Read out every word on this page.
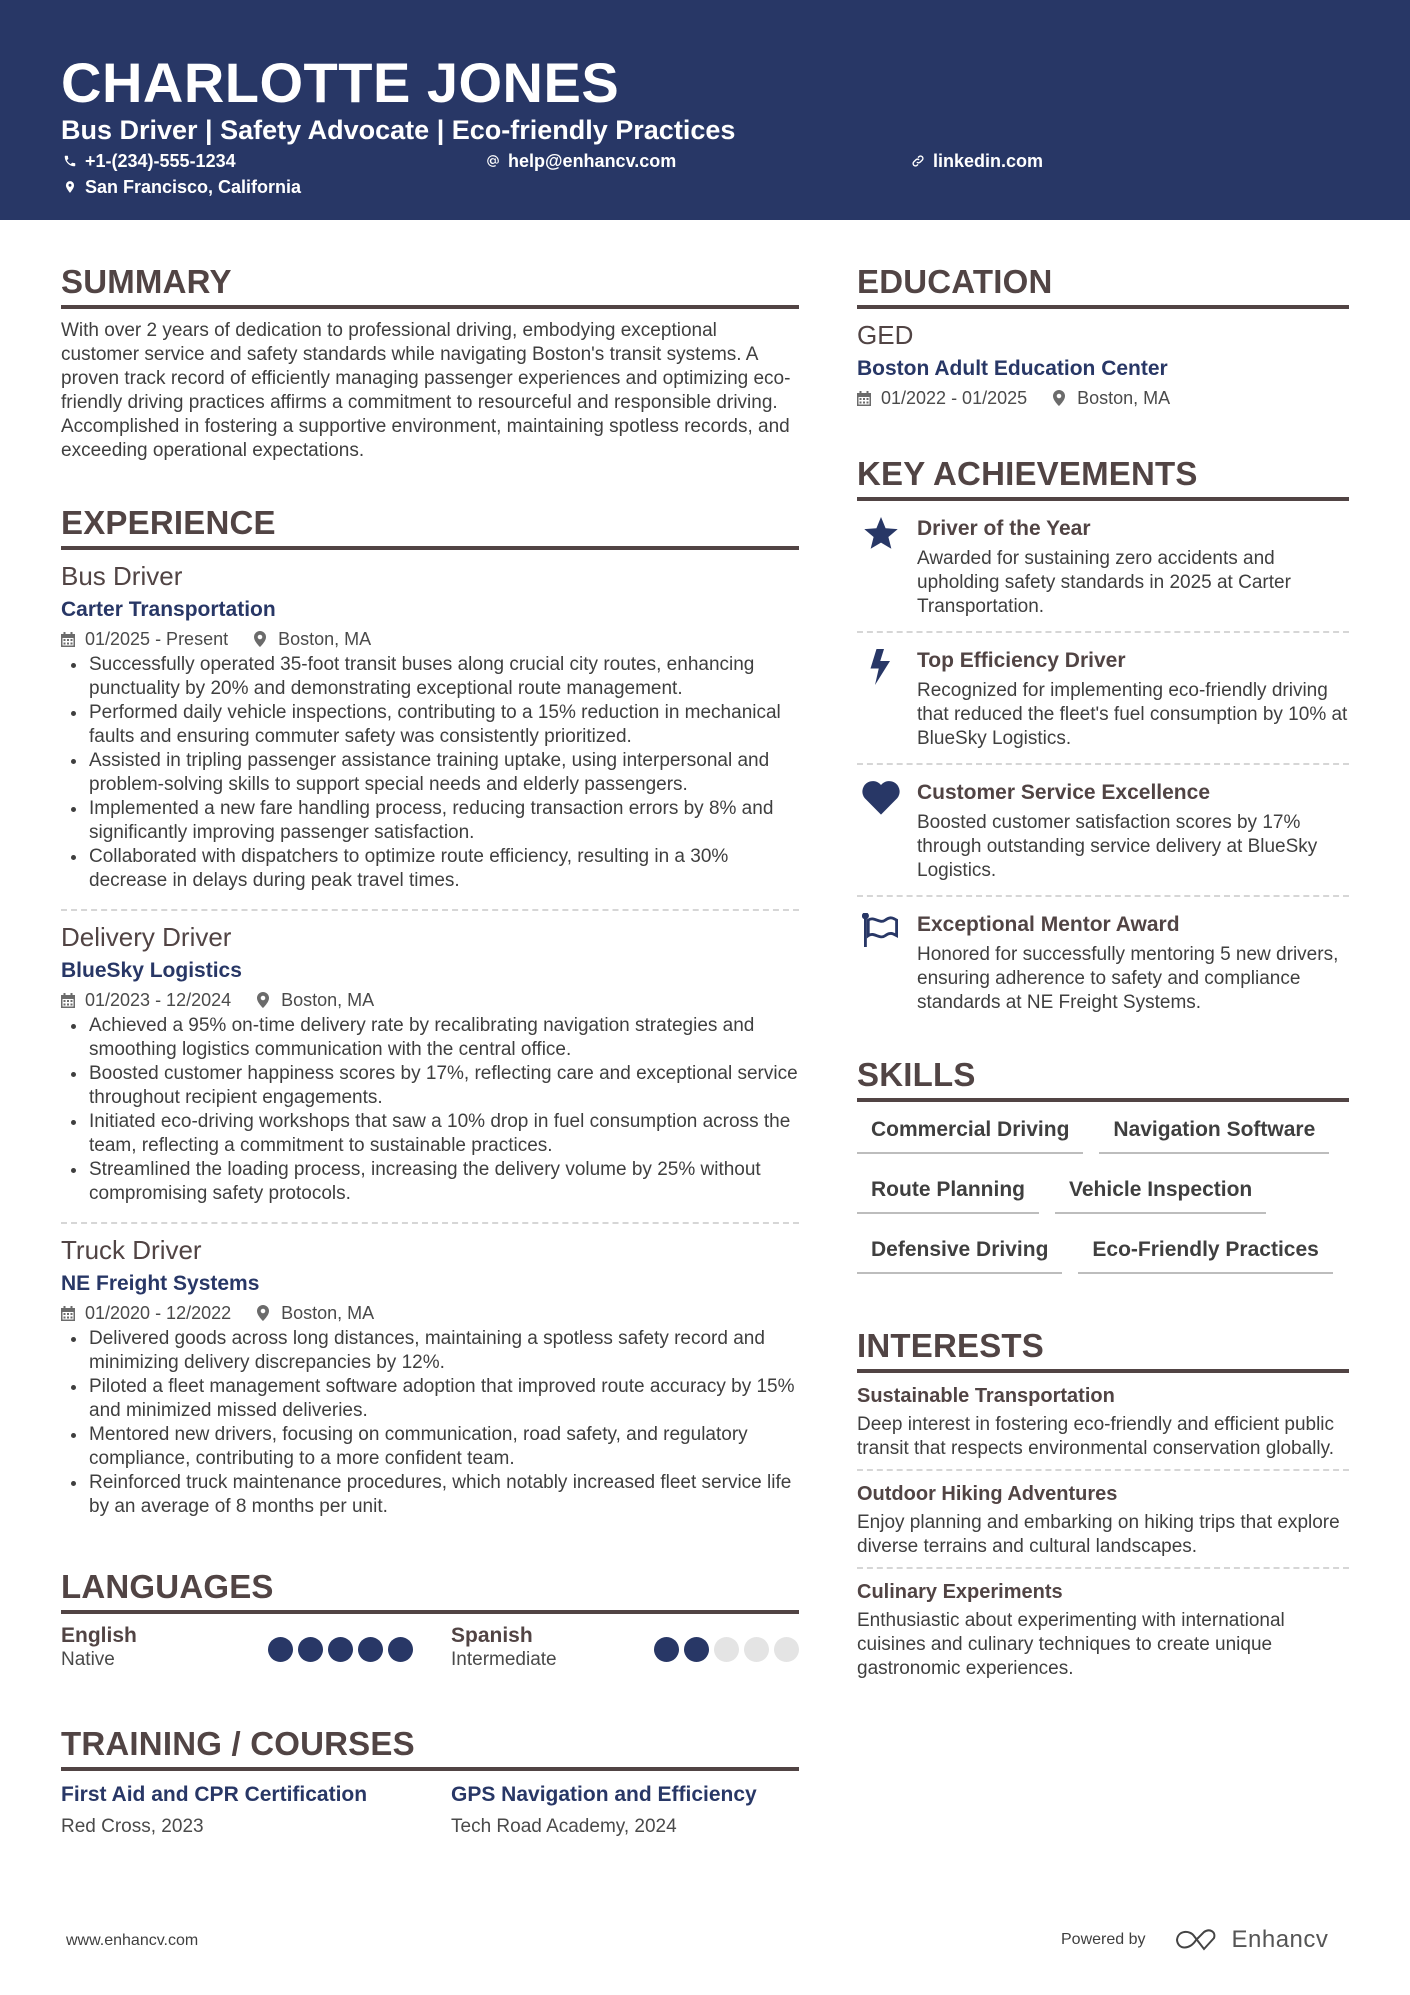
CHARLOTTE JONES
Bus Driver | Safety Advocate | Eco-friendly Practices
+1-(234)-555-1234	help@enhancv.com	linkedin.com
San Francisco, California
SUMMARY

With over 2 years of dedication to professional driving, embodying exceptional customer service and safety standards while navigating Boston's transit systems. A proven track record of efficiently managing passenger experiences and optimizing eco-friendly driving practices affirms a commitment to resourceful and responsible driving. Accomplished in fostering a supportive environment, maintaining spotless records, and exceeding operational expectations.

EXPERIENCE
Bus Driver
Carter Transportation
01/2025 - Present	Boston, MA
Successfully operated 35-foot transit buses along crucial city routes, enhancing punctuality by 20% and demonstrating exceptional route management.
Performed daily vehicle inspections, contributing to a 15% reduction in mechanical faults and ensuring commuter safety was consistently prioritized.
Assisted in tripling passenger assistance training uptake, using interpersonal and problem-solving skills to support special needs and elderly passengers.
Implemented a new fare handling process, reducing transaction errors by 8% and significantly improving passenger satisfaction.
Collaborated with dispatchers to optimize route efficiency, resulting in a 30% decrease in delays during peak travel times.
Delivery Driver
BlueSky Logistics
01/2023 - 12/2024	Boston, MA
Achieved a 95% on-time delivery rate by recalibrating navigation strategies and smoothing logistics communication with the central office.
Boosted customer happiness scores by 17%, reflecting care and exceptional service throughout recipient engagements.
Initiated eco-driving workshops that saw a 10% drop in fuel consumption across the team, reflecting a commitment to sustainable practices.
Streamlined the loading process, increasing the delivery volume by 25% without compromising safety protocols.
Truck Driver
NE Freight Systems
01/2020 - 12/2022	Boston, MA
Delivered goods across long distances, maintaining a spotless safety record and minimizing delivery discrepancies by 12%.
Piloted a fleet management software adoption that improved route accuracy by 15% and minimized missed deliveries.
Mentored new drivers, focusing on communication, road safety, and regulatory compliance, contributing to a more confident team.
Reinforced truck maintenance procedures, which notably increased fleet service life by an average of 8 months per unit.
LANGUAGES
English
Native
Spanish
Intermediate
TRAINING / COURSES
First Aid and CPR Certification
Red Cross, 2023
GPS Navigation and Efficiency
Tech Road Academy, 2024
EDUCATION
GED
Boston Adult Education Center
01/2022 - 01/2025	Boston, MA
KEY ACHIEVEMENTS
Driver of the Year
Awarded for sustaining zero accidents and upholding safety standards in 2025 at Carter Transportation.
Top Efficiency Driver
Recognized for implementing eco-friendly driving that reduced the fleet's fuel consumption by 10% at BlueSky Logistics.
Customer Service Excellence
Boosted customer satisfaction scores by 17% through outstanding service delivery at BlueSky Logistics.
Exceptional Mentor Award
Honored for successfully mentoring 5 new drivers, ensuring adherence to safety and compliance standards at NE Freight Systems.
SKILLS
Commercial Driving	Navigation Software
Route Planning	Vehicle Inspection
Defensive Driving	Eco-Friendly Practices
INTERESTS
Sustainable Transportation
Deep interest in fostering eco-friendly and efficient public transit that respects environmental conservation globally.
Outdoor Hiking Adventures
Enjoy planning and embarking on hiking trips that explore diverse terrains and cultural landscapes.
Culinary Experiments
Enthusiastic about experimenting with international cuisines and culinary techniques to create unique gastronomic experiences.
www.enhancv.com	Powered by	Enhancv
